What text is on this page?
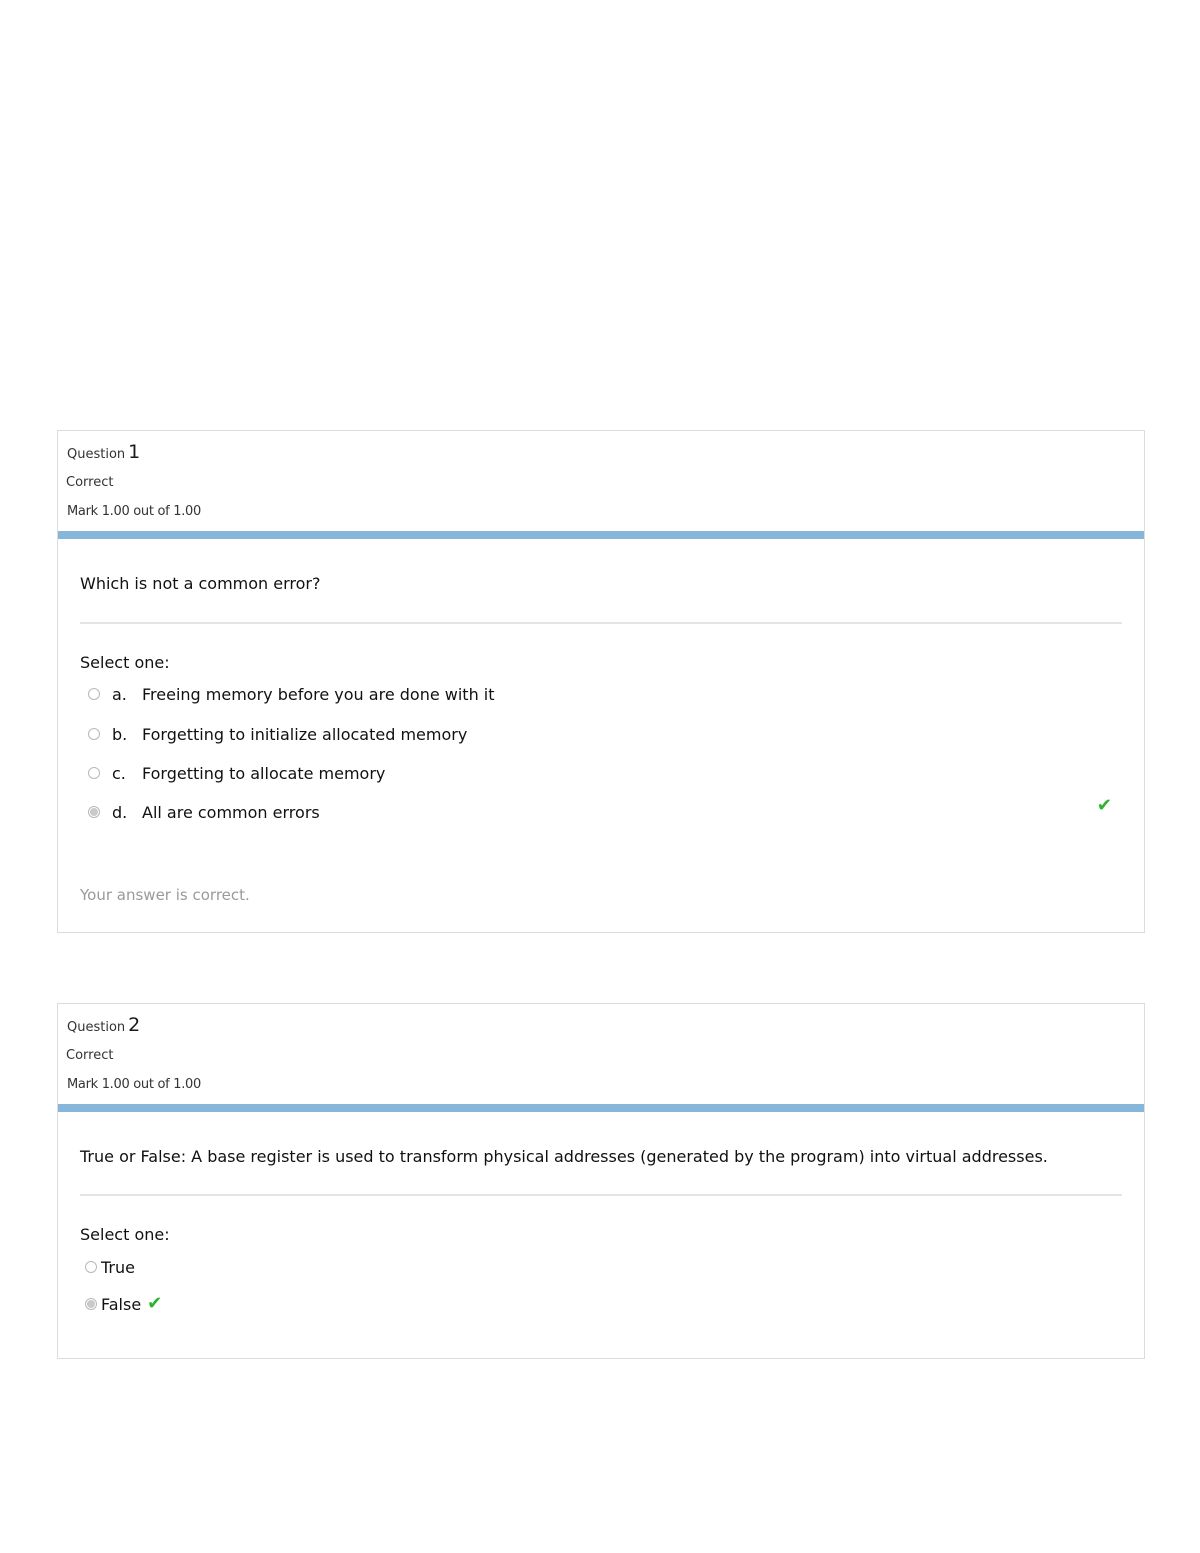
Question 1
Correct
Mark 1.00 out of 1.00
Which is not a common error?
Select one:
a. Freeing memory before you are done with it
b. Forgetting to initialize allocated memory
c.	Forgetting to allocate memory
d. All are common errors	✔
Your answer is correct.
Question 2
Correct
Mark 1.00 out of 1.00
True or False: A base register is used to transform physical addresses (generated by the program) into virtual addresses.
Select one:
True
False ✔
